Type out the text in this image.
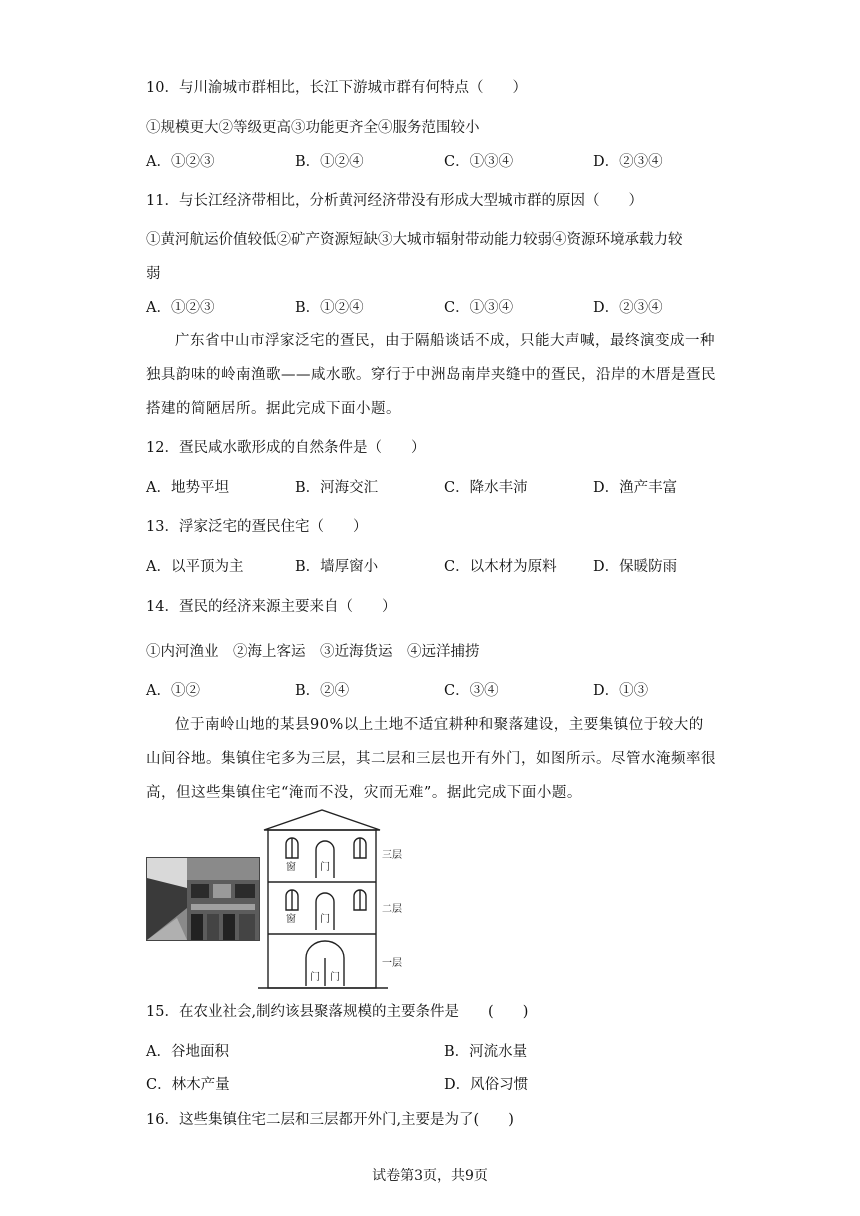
10．与川渝城市群相比，长江下游城市群有何特点（　　）
①规模更大②等级更高③功能更齐全④服务范围较小
A．①②③	B．①②④	C．①③④	D．②③④
11．与长江经济带相比，分析黄河经济带没有形成大型城市群的原因（　　）
①黄河航运价值较低②矿产资源短缺③大城市辐射带动能力较弱④资源环境承载力较
弱
A．①②③	B．①②④	C．①③④	D．②③④
广东省中山市浮家泛宅的疍民，由于隔船谈话不成，只能大声喊，最终演变成一种独具韵味的岭南渔歌——咸水歌。穿行于中洲岛南岸夹缝中的疍民，沿岸的木厝是疍民搭建的简陋居所。据此完成下面小题。
12．疍民咸水歌形成的自然条件是（　　）
A．地势平坦	B．河海交汇	C．降水丰沛	D．渔产丰富
13．浮家泛宅的疍民住宅（　　）
A．以平顶为主	B．墙厚窗小	C．以木材为原料	D．保暖防雨
14．疍民的经济来源主要来自（　　）
①内河渔业　②海上客运　③近海货运　④远洋捕捞
A．①②	B．②④	C．③④	D．①③
位于南岭山地的某县90%以上土地不适宜耕种和聚落建设，主要集镇位于较大的山间谷地。集镇住宅多为三层，其二层和三层也开有外门，如图所示。尽管水淹频率很高，但这些集镇住宅“淹而不没，灾而无难”。据此完成下面小题。
窗 门
窗 门
门 门
三层
二层
一层
15．在农业社会,制约该县聚落规模的主要条件是　　(　　)
A．谷地面积	B．河流水量
C．林木产量	D．风俗习惯
16．这些集镇住宅二层和三层都开外门,主要是为了(　　)
试卷第3页，共9页
